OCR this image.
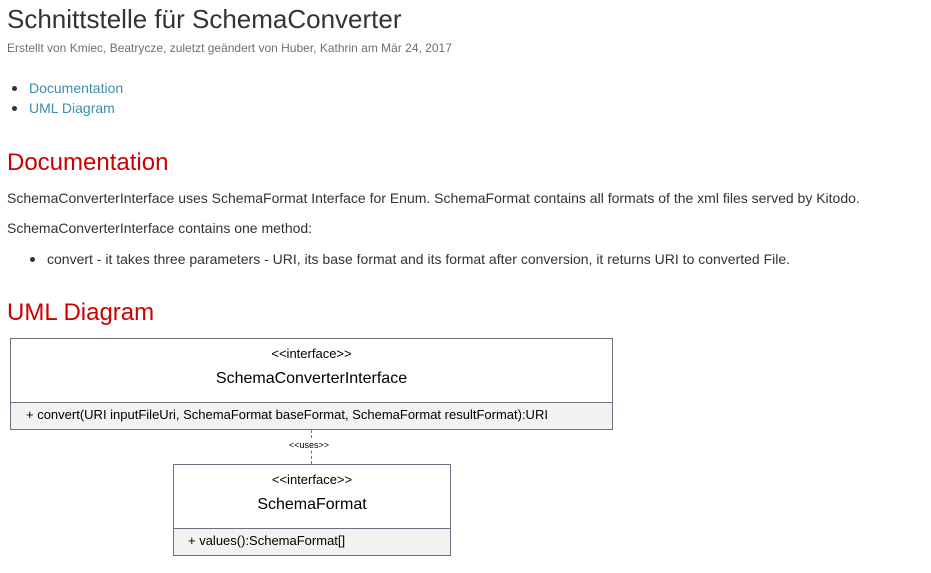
Schnittstelle für SchemaConverter
Erstellt von Kmiec, Beatrycze, zuletzt geändert von Huber, Kathrin am Mär 24, 2017
Documentation
UML Diagram
Documentation
SchemaConverterInterface uses SchemaFormat Interface for Enum. SchemaFormat contains all formats of the xml files served by Kitodo.
SchemaConverterInterface contains one method:
convert - it takes three parameters - URI, its base format and its format after conversion, it returns URI to converted File.
UML Diagram
<<interface>>
SchemaConverterInterface
+ convert(URI inputFileUri, SchemaFormat baseFormat, SchemaFormat resultFormat):URI
<<uses>>
<<interface>>
SchemaFormat
+ values():SchemaFormat[]
